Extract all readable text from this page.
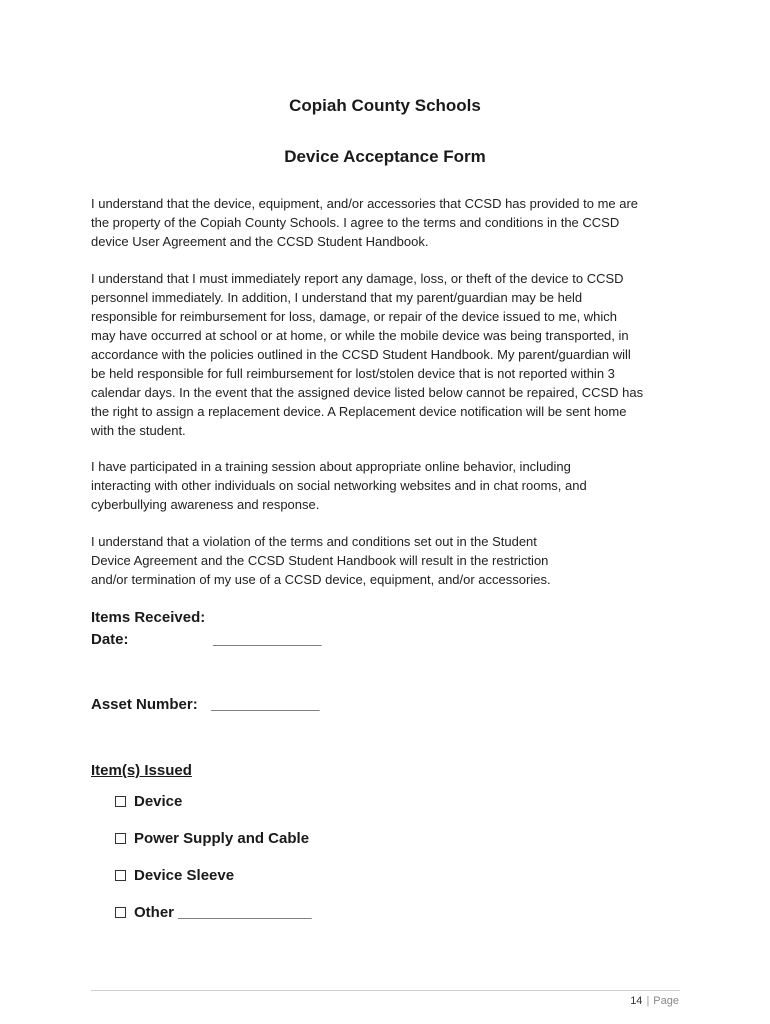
Copiah County Schools
Device Acceptance Form
I understand that the device, equipment, and/or accessories that CCSD has provided to me are
the property of the Copiah County Schools. I agree to the terms and conditions in the CCSD
device User Agreement and the CCSD Student Handbook.
I understand that I must immediately report any damage, loss, or theft of the device to CCSD
personnel immediately. In addition, I understand that my parent/guardian may be held
responsible for reimbursement for loss, damage, or repair of the device issued to me, which
may have occurred at school or at home, or while the mobile device was being transported, in
accordance with the policies outlined in the CCSD Student Handbook. My parent/guardian will
be held responsible for full reimbursement for lost/stolen device that is not reported within 3
calendar days. In the event that the assigned device listed below cannot be repaired, CCSD has
the right to assign a replacement device. A Replacement device notification will be sent home
with the student.
I have participated in a training session about appropriate online behavior, including
interacting with other individuals on social networking websites and in chat rooms, and
cyberbullying awareness and response.
I understand that a violation of the terms and conditions set out in the Student
Device Agreement and the CCSD Student Handbook will result in the restriction
and/or termination of my use of a CCSD device, equipment, and/or accessories.
Items Received:
Date:	_____________
Asset Number: _____________
Item(s) Issued
Device
Power Supply and Cable
Device Sleeve
Other ________________
14 | Page
